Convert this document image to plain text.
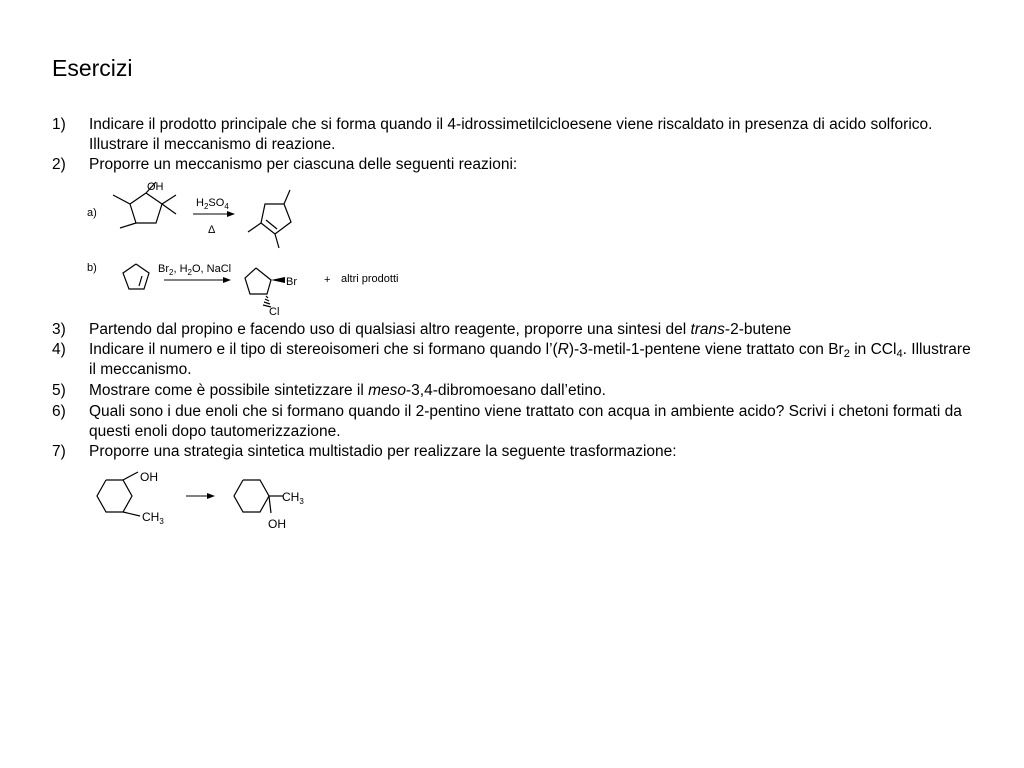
Esercizi
1) Indicare il prodotto principale che si forma quando il 4-idrossimetilcicloesene viene riscaldato in presenza di acido solforico. Illustrare il meccanismo di reazione.
2) Proporre un meccanismo per ciascuna delle seguenti reazioni:
a)
OH
$H_2SO_4$
Δ
b)	$Br_2$, $H_2O$, NaCl
Br
Cl
+ altri prodotti
3) Partendo dal propino e facendo uso di qualsiasi altro reagente, proporre una sintesi del trans-2-butene
4) Indicare il numero e il tipo di stereoisomeri che si formano quando l’(R)-3-metil-1-pentene viene trattato con $Br_2$ in CCl$_4$. Illustrare il meccanismo.
5) Mostrare come è possibile sintetizzare il meso-3,4-dibromoesano dall’etino.
6) Quali sono i due enoli che si formano quando il 2-pentino viene trattato con acqua in ambiente acido? Scrivi i chetoni formati da questi enoli dopo tautomerizzazione.
7) Proporre una strategia sintetica multistadio per realizzare la seguente trasformazione:
OH
$CH_3$
$CH_3$
OH
